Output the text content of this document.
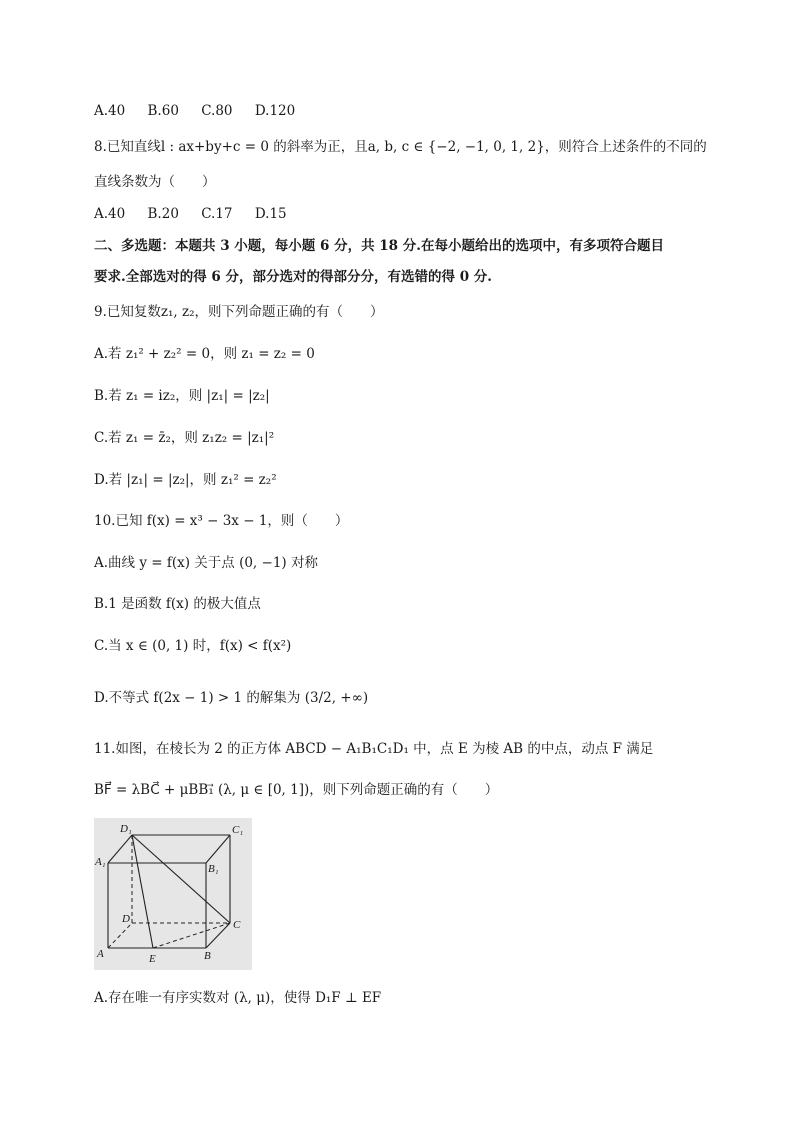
A.40 B.60 C.80 D.120
8.已知直线l : ax+by+c = 0 的斜率为正，且a, b, c ∈ {−2, −1, 0, 1, 2}，则符合上述条件的不同的
直线条数为（　　）
A.40 B.20 C.17 D.15
二、多选题：本题共 3 小题，每小题 6 分，共 18 分.在每小题给出的选项中，有多项符合题目
要求.全部选对的得 6 分，部分选对的得部分分，有选错的得 0 分.
9.已知复数z₁, z₂，则下列命题正确的有（　　）
A.若 z₁² + z₂² = 0，则 z₁ = z₂ = 0
B.若 z₁ = iz₂，则 |z₁| = |z₂|
C.若 z₁ = z̄₂，则 z₁z₂ = |z₁|²
D.若 |z₁| = |z₂|，则 z₁² = z₂²
10.已知 f(x) = x³ − 3x − 1，则（　　）
A.曲线 y = f(x) 关于点 (0, −1) 对称
B.1 是函数 f(x) 的极大值点
C.当 x ∈ (0, 1) 时，f(x) < f(x²)
D.不等式 f(2x − 1) > 1 的解集为 (3/2, +∞)
11.如图，在棱长为 2 的正方体 ABCD − A₁B₁C₁D₁ 中，点 E 为棱 AB 的中点，动点 F 满足
BF⃗ = λBC⃗ + μBB₁⃗ (λ, μ ∈ [0, 1])，则下列命题正确的有（　　）
D₁	C₁
A₁
B₁
D	C
A	E	B
A.存在唯一有序实数对 (λ, μ)，使得 D₁F ⊥ EF
